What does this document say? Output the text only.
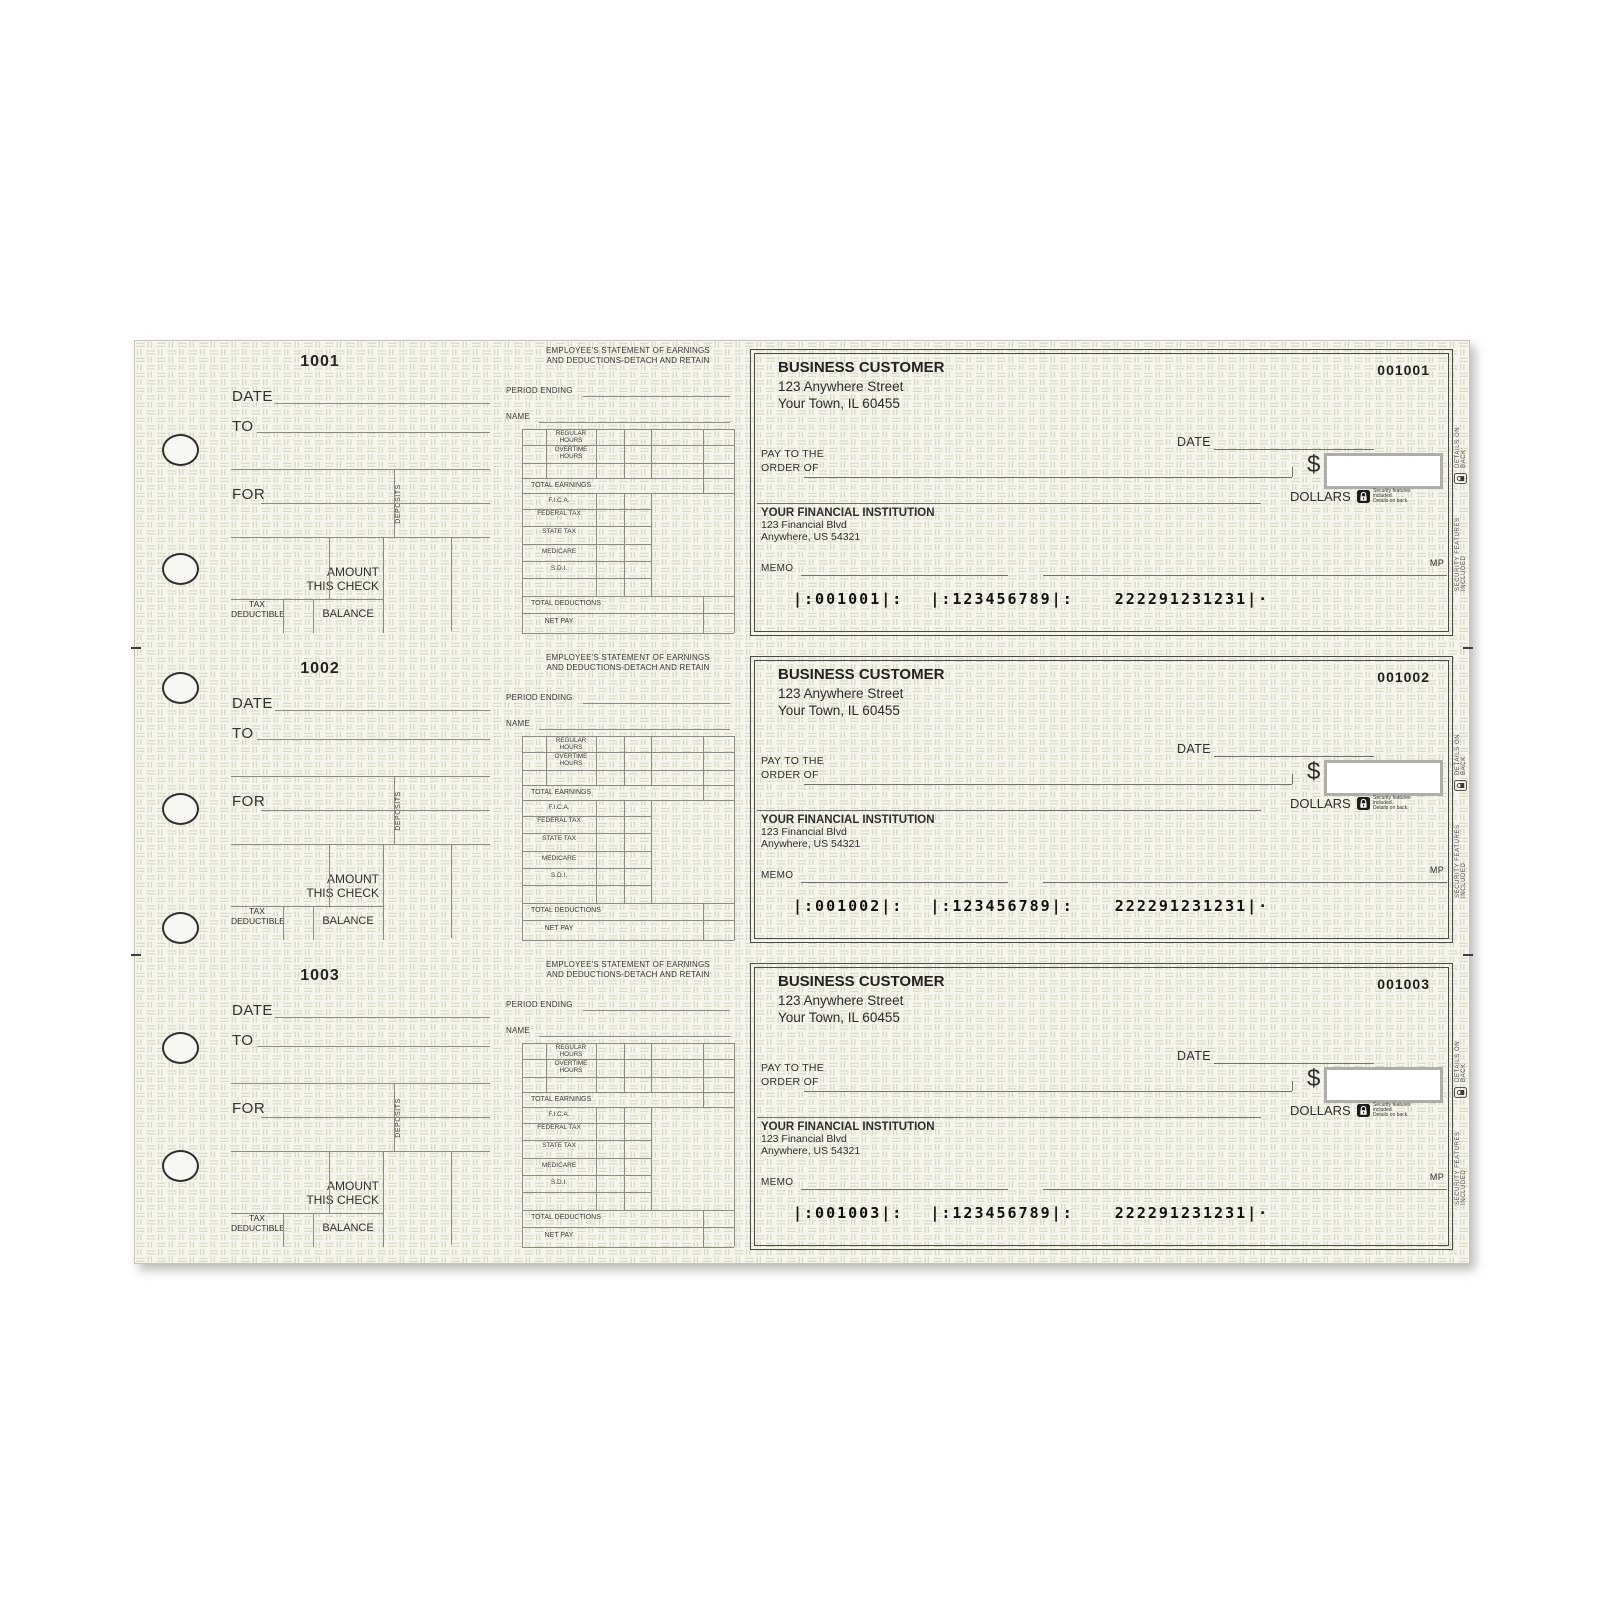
1001
DATE
TO
FOR	DEPOSITS
AMOUNT THIS CHECK
TAX DEDUCTIBLE	BALANCE
EMPLOYEE'S STATEMENT OF EARNINGS
AND DEDUCTIONS-DETACH AND RETAIN
PERIOD ENDING
NAME
REGULAR HOURS
OVERTIME HOURS
TOTAL EARNINGS
F.I.C.A.
FEDERAL TAX
STATE TAX
MEDICARE
S.D.I.
TOTAL DEDUCTIONS
NET PAY
BUSINESS CUSTOMER
123 Anywhere Street
Your Town, IL 60455
001001
DATE
PAY TO THE
ORDER OF	$
DOLLARS	Security features
included.
Details on back.
YOUR FINANCIAL INSTITUTION
123 Financial Blvd
Anywhere, US 54321
MEMO	MP
|:001001|: |:123456789|:	222291231231|·
SECURITY FEATURES INCLUDED
DETAILS ON BACK
1002
DATE
TO
FOR	DEPOSITS
AMOUNT THIS CHECK
TAX DEDUCTIBLE	BALANCE
EMPLOYEE'S STATEMENT OF EARNINGS
AND DEDUCTIONS-DETACH AND RETAIN
PERIOD ENDING
NAME
REGULAR HOURS
OVERTIME HOURS
TOTAL EARNINGS
F.I.C.A.
FEDERAL TAX
STATE TAX
MEDICARE
S.D.I.
TOTAL DEDUCTIONS
NET PAY
BUSINESS CUSTOMER
123 Anywhere Street
Your Town, IL 60455
001002
DATE
PAY TO THE
ORDER OF	$
DOLLARS	Security features
included.
Details on back.
YOUR FINANCIAL INSTITUTION
123 Financial Blvd
Anywhere, US 54321
MEMO	MP
|:001002|: |:123456789|:	222291231231|·
SECURITY FEATURES INCLUDED
DETAILS ON BACK
1003
DATE
TO
FOR	DEPOSITS
AMOUNT THIS CHECK
TAX DEDUCTIBLE	BALANCE
EMPLOYEE'S STATEMENT OF EARNINGS
AND DEDUCTIONS-DETACH AND RETAIN
PERIOD ENDING
NAME
REGULAR HOURS
OVERTIME HOURS
TOTAL EARNINGS
F.I.C.A.
FEDERAL TAX
STATE TAX
MEDICARE
S.D.I.
TOTAL DEDUCTIONS
NET PAY
BUSINESS CUSTOMER
123 Anywhere Street
Your Town, IL 60455
001003
DATE
PAY TO THE
ORDER OF	$
DOLLARS	Security features
included.
Details on back.
YOUR FINANCIAL INSTITUTION
123 Financial Blvd
Anywhere, US 54321
MEMO	MP
|:001003|: |:123456789|:	222291231231|·
SECURITY FEATURES INCLUDED
DETAILS ON BACK
